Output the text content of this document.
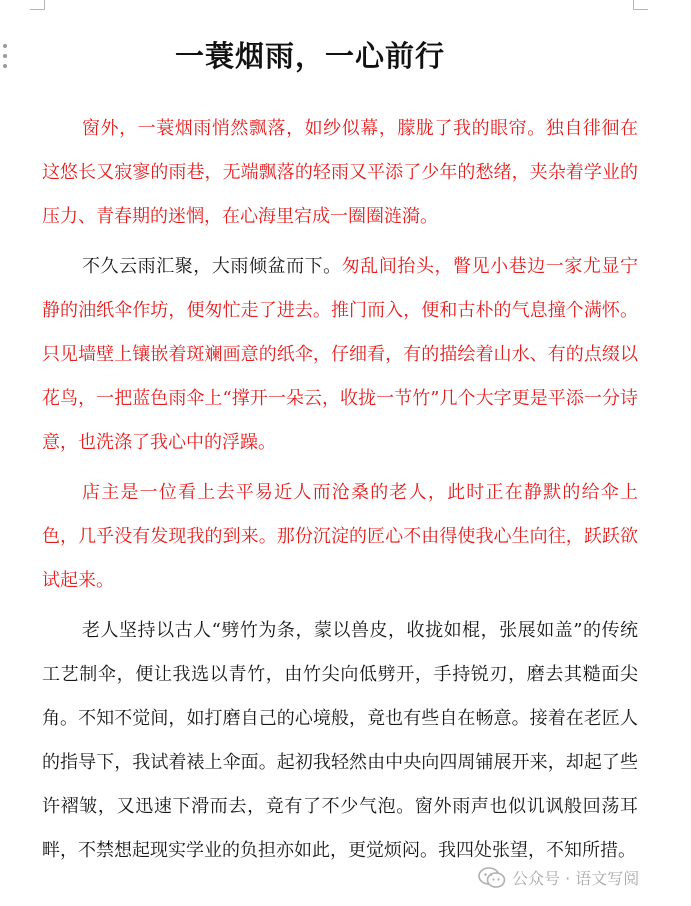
一蓑烟雨，一心前行

窗外，一蓑烟雨悄然飘落，如纱似幕，朦胧了我的眼帘。独自徘徊在这悠长又寂寥的雨巷，无端飘落的轻雨又平添了少年的愁绪，夹杂着学业的压力、青春期的迷惘，在心海里宕成一圈圈涟漪。

不久云雨汇聚，大雨倾盆而下。匆乱间抬头，瞥见小巷边一家尤显宁静的油纸伞作坊，便匆忙走了进去。推门而入，便和古朴的气息撞个满怀。只见墙壁上镶嵌着斑斓画意的纸伞，仔细看，有的描绘着山水、有的点缀以花鸟，一把蓝色雨伞上“撑开一朵云，收拢一节竹”几个大字更是平添一分诗意，也洗涤了我心中的浮躁。

店主是一位看上去平易近人而沧桑的老人，此时正在静默的给伞上色，几乎没有发现我的到来。那份沉淀的匠心不由得使我心生向往，跃跃欲试起来。

老人坚持以古人“劈竹为条，蒙以兽皮，收拢如棍，张展如盖”的传统工艺制伞，便让我选以青竹，由竹尖向低劈开，手持锐刃，磨去其糙面尖角。不知不觉间，如打磨自己的心境般，竟也有些自在畅意。接着在老匠人的指导下，我试着裱上伞面。起初我轻然由中央向四周铺展开来，却起了些许褶皱，又迅速下滑而去，竟有了不少气泡。窗外雨声也似讥讽般回荡耳畔，不禁想起现实学业的负担亦如此，更觉烦闷。我四处张望，不知所措。

公众号 · 语文写阅
